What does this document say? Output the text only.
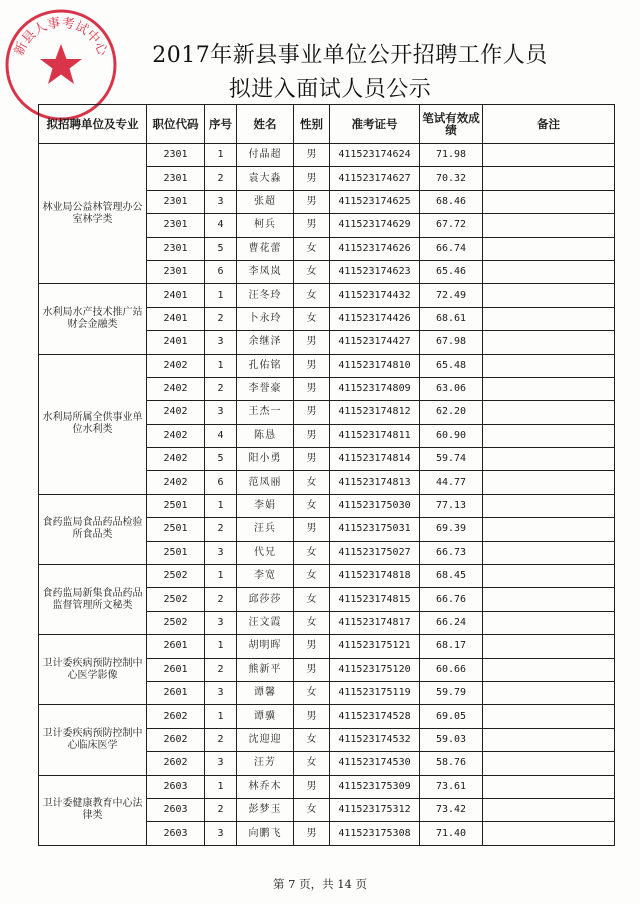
新县人事考试中心	2017年新县事业单位公开招聘工作人员
拟进入面试人员公示
拟招聘单位及专业	职位代码	序号	姓名	性别	准考证号	笔试有效成绩	备注
林业局公益林管理办公室林学类	2301	1	付晶超	男	411523174624	71.98	
	2301	2	袁大淼	男	411523174627	70.32	
	2301	3	张超	男	411523174625	68.46	
	2301	4	柯兵	男	411523174629	67.72	
	2301	5	曹花蕾	女	411523174626	66.74	
	2301	6	李凤岚	女	411523174623	65.46	
水利局水产技术推广站财会金融类	2401	1	汪冬玲	女	411523174432	72.49	
	2401	2	卜永玲	女	411523174426	68.61	
	2401	3	余继泽	男	411523174427	67.98	
水利局所属全供事业单位水利类	2402	1	孔佑铭	男	411523174810	65.48	
	2402	2	李誉豪	男	411523174809	63.06	
	2402	3	王杰一	男	411523174812	62.20	
	2402	4	陈恳	男	411523174811	60.90	
	2402	5	阳小勇	男	411523174814	59.74	
	2402	6	范凤丽	女	411523174813	44.77	
食药监局食品药品检验所食品类	2501	1	李娟	女	411523175030	77.13	
	2501	2	汪兵	男	411523175031	69.39	
	2501	3	代兄	女	411523175027	66.73	
食药监局新集食品药品监督管理所文秘类	2502	1	李宽	女	411523174818	68.45	
	2502	2	邱莎莎	女	411523174815	66.76	
	2502	3	汪文霞	女	411523174817	66.24	
卫计委疾病预防控制中心医学影像	2601	1	胡明晖	男	411523175121	68.17	
	2601	2	熊新平	男	411523175120	60.66	
	2601	3	谭馨	女	411523175119	59.79	
卫计委疾病预防控制中心临床医学	2602	1	谭骥	男	411523174528	69.05	
	2602	2	沈迎迎	女	411523174532	59.03	
	2602	3	汪芳	女	411523174530	58.76	
卫计委健康教育中心法律类	2603	1	林乔木	男	411523175309	73.61	
	2603	2	彭梦玉	女	411523175312	73.42	
	2603	3	向鹏飞	男	411523175308	71.40	
第 7 页，共 14 页
